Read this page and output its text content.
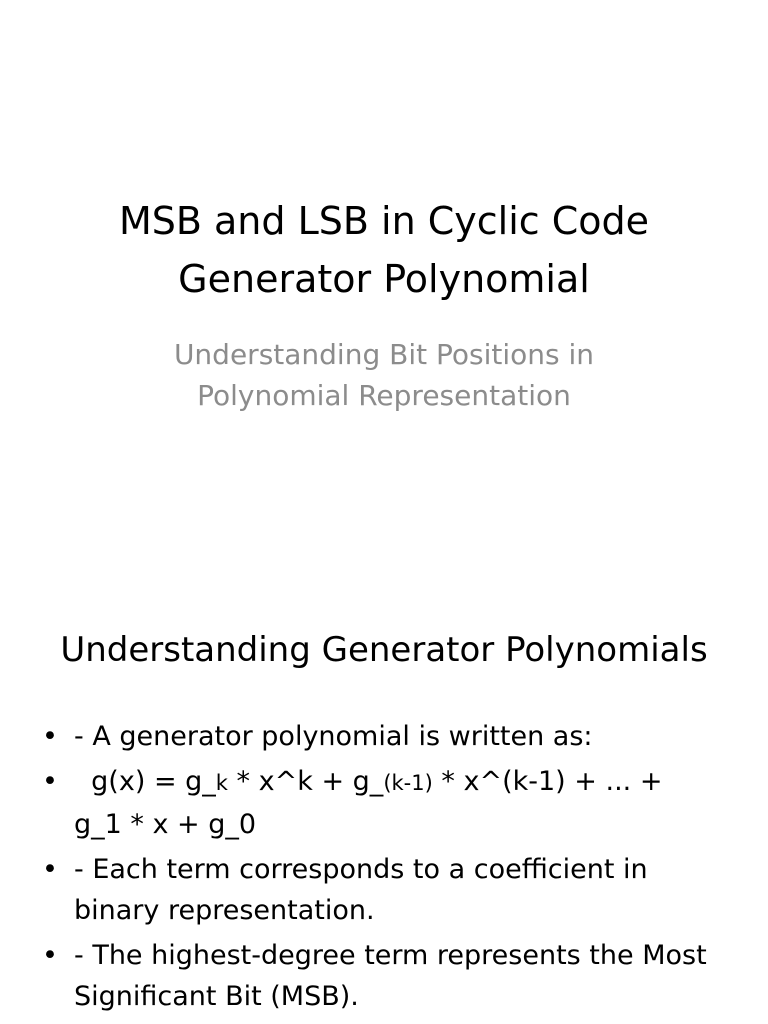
MSB and LSB in Cyclic Code
Generator Polynomial

Understanding Bit Positions in
Polynomial Representation

Understanding Generator Polynomials
• - A generator polynomial is written as:
• g(x) = g_k * x^k + g_(k-1) * x^(k-1) + ... + g_1 * x + g_0
• - Each term corresponds to a coefficient in binary representation.
• - The highest-degree term represents the Most Significant Bit (MSB).
